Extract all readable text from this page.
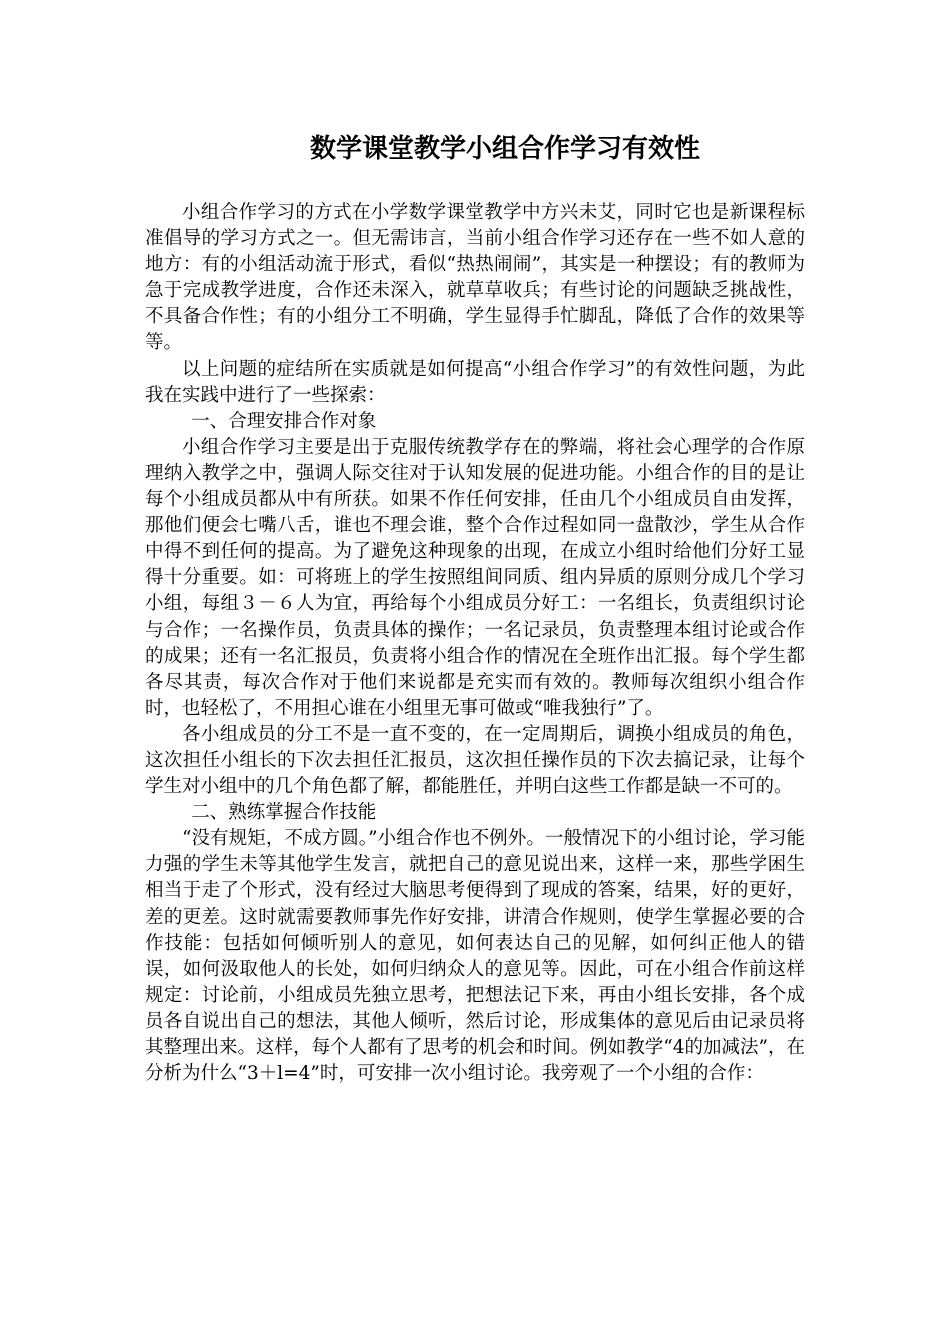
数学课堂教学小组合作学习有效性

小组合作学习的方式在小学数学课堂教学中方兴未艾，同时它也是新课程标准倡导的学习方式之一。但无需讳言，当前小组合作学习还存在一些不如人意的地方：有的小组活动流于形式，看似“热热闹闹”，其实是一种摆设；有的教师为急于完成教学进度，合作还未深入，就草草收兵；有些讨论的问题缺乏挑战性，不具备合作性；有的小组分工不明确，学生显得手忙脚乱，降低了合作的效果等等。

以上问题的症结所在实质就是如何提高“小组合作学习”的有效性问题，为此我在实践中进行了一些探索：

一、合理安排合作对象

小组合作学习主要是出于克服传统教学存在的弊端，将社会心理学的合作原理纳入教学之中，强调人际交往对于认知发展的促进功能。小组合作的目的是让每个小组成员都从中有所获。如果不作任何安排，任由几个小组成员自由发挥，那他们便会七嘴八舌，谁也不理会谁，整个合作过程如同一盘散沙，学生从合作中得不到任何的提高。为了避免这种现象的出现，在成立小组时给他们分好工显得十分重要。如：可将班上的学生按照组间同质、组内异质的原则分成几个学习小组，每组３－６人为宜，再给每个小组成员分好工：一名组长，负责组织讨论与合作；一名操作员，负责具体的操作；一名记录员，负责整理本组讨论或合作的成果；还有一名汇报员，负责将小组合作的情况在全班作出汇报。每个学生都各尽其责，每次合作对于他们来说都是充实而有效的。教师每次组织小组合作时，也轻松了，不用担心谁在小组里无事可做或“唯我独行”了。

各小组成员的分工不是一直不变的，在一定周期后，调换小组成员的角色，这次担任小组长的下次去担任汇报员，这次担任操作员的下次去搞记录，让每个学生对小组中的几个角色都了解，都能胜任，并明白这些工作都是缺一不可的。

二、熟练掌握合作技能

“没有规矩，不成方圆。”小组合作也不例外。一般情况下的小组讨论，学习能力强的学生未等其他学生发言，就把自己的意见说出来，这样一来，那些学困生相当于走了个形式，没有经过大脑思考便得到了现成的答案，结果，好的更好，差的更差。这时就需要教师事先作好安排，讲清合作规则，使学生掌握必要的合作技能：包括如何倾听别人的意见，如何表达自己的见解，如何纠正他人的错误，如何汲取他人的长处，如何归纳众人的意见等。因此，可在小组合作前这样规定：讨论前，小组成员先独立思考，把想法记下来，再由小组长安排，各个成员各自说出自己的想法，其他人倾听，然后讨论，形成集体的意见后由记录员将其整理出来。这样，每个人都有了思考的机会和时间。例如教学“4的加减法”，在分析为什么“3＋l=4”时，可安排一次小组讨论。我旁观了一个小组的合作：
